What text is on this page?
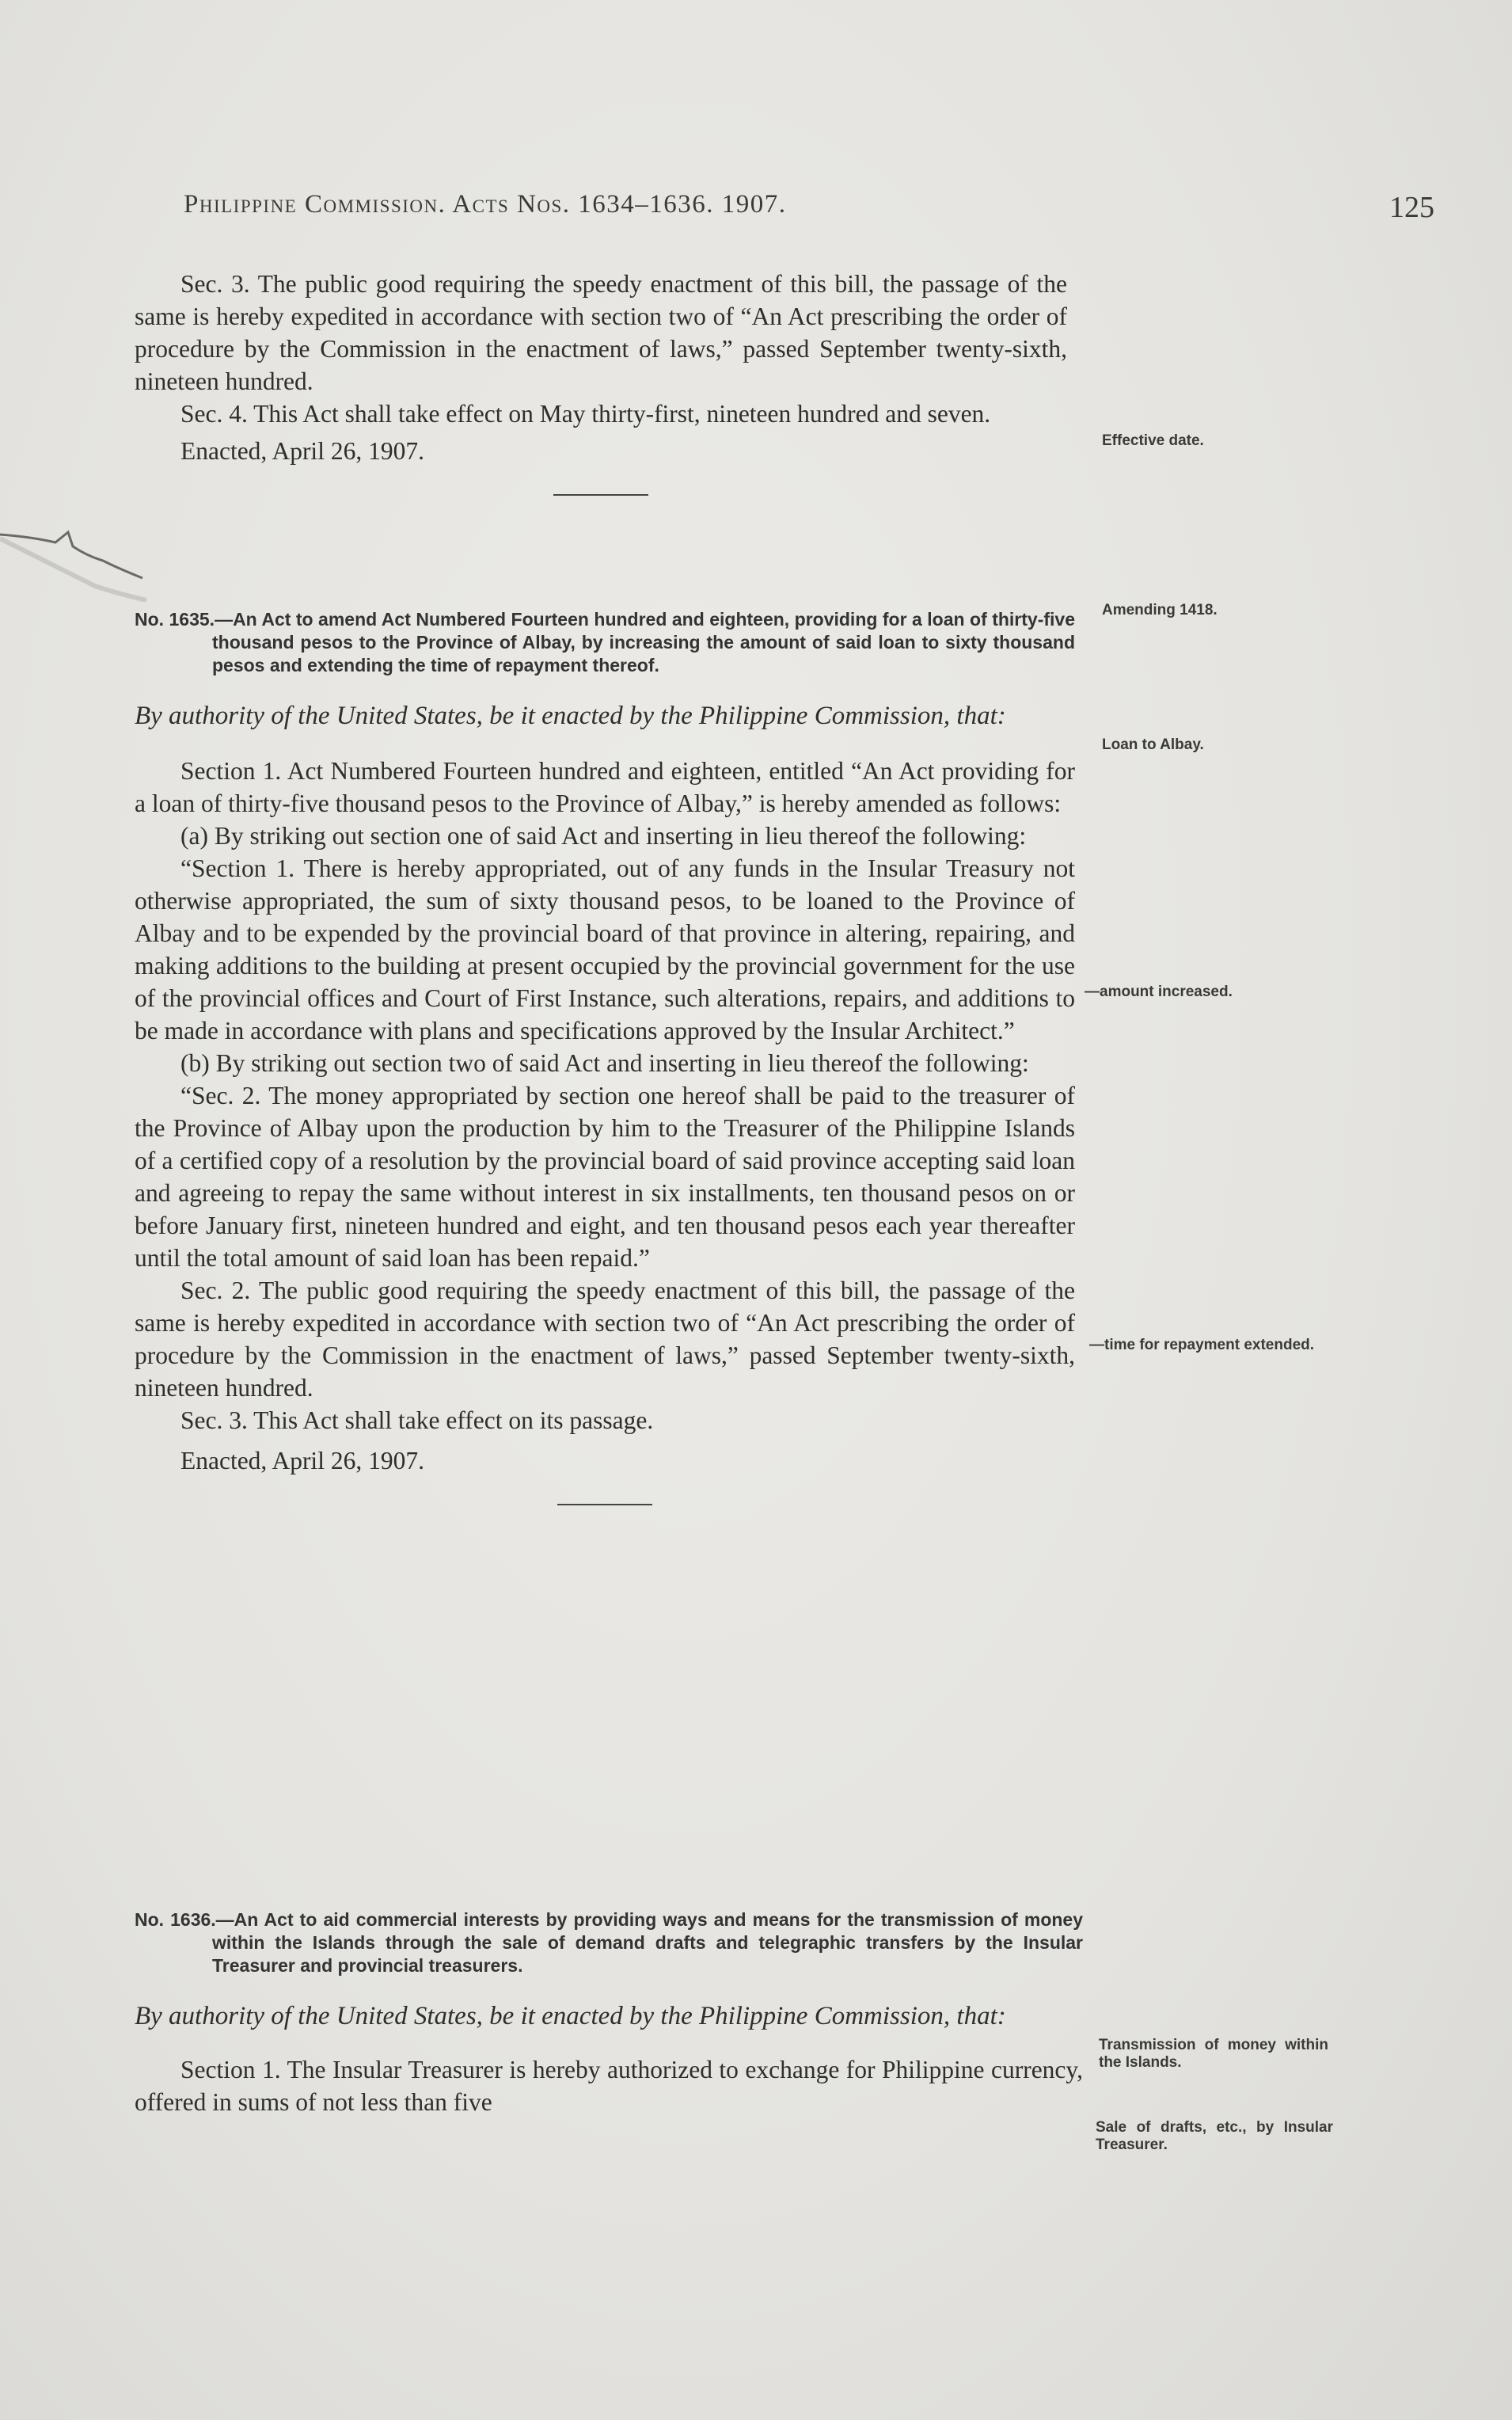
Philippine Commission. Acts Nos. 1634–1636. 1907.	125

Sec. 3. The public good requiring the speedy enactment of this bill, the passage of the same is hereby expedited in accordance with section two of “An Act prescribing the order of procedure by the Commission in the enactment of laws,” passed September twenty-sixth, nineteen hundred.

Sec. 4. This Act shall take effect on May thirty-first, nineteen hundred and seven.

Enacted, April 26, 1907.

No. 1635.—An Act to amend Act Numbered Fourteen hundred and eighteen, providing for a loan of thirty-five thousand pesos to the Province of Albay, by increasing the amount of said loan to sixty thousand pesos and extending the time of repayment thereof.

By authority of the United States, be it enacted by the Philippine Commission, that:

Section 1. Act Numbered Fourteen hundred and eighteen, entitled “An Act providing for a loan of thirty-five thousand pesos to the Province of Albay,” is hereby amended as follows:

(a) By striking out section one of said Act and inserting in lieu thereof the following:

“Section 1. There is hereby appropriated, out of any funds in the Insular Treasury not otherwise appropriated, the sum of sixty thousand pesos, to be loaned to the Province of Albay and to be expended by the provincial board of that province in altering, repairing, and making additions to the building at present occupied by the provincial government for the use of the provincial offices and Court of First Instance, such alterations, repairs, and additions to be made in accordance with plans and specifications approved by the Insular Architect.”

(b) By striking out section two of said Act and inserting in lieu thereof the following:

“Sec. 2. The money appropriated by section one hereof shall be paid to the treasurer of the Province of Albay upon the production by him to the Treasurer of the Philippine Islands of a certified copy of a resolution by the provincial board of said province accepting said loan and agreeing to repay the same without interest in six installments, ten thousand pesos on or before January first, nineteen hundred and eight, and ten thousand pesos each year thereafter until the total amount of said loan has been repaid.”

Sec. 2. The public good requiring the speedy enactment of this bill, the passage of the same is hereby expedited in accordance with section two of “An Act prescribing the order of procedure by the Commission in the enactment of laws,” passed September twenty-sixth, nineteen hundred.

Sec. 3. This Act shall take effect on its passage.

Enacted, April 26, 1907.

No. 1636.—An Act to aid commercial interests by providing ways and means for the transmission of money within the Islands through the sale of demand drafts and telegraphic transfers by the Insular Treasurer and provincial treasurers.

By authority of the United States, be it enacted by the Philippine Commission, that:

Section 1. The Insular Treasurer is hereby authorized to exchange for Philippine currency, offered in sums of not less than five

Effective date.
Amending 1418.
Loan to Albay.
—amount increased.
—time for repayment extended.
Transmission of money within the Islands.
Sale of drafts, etc., by Insular Treasurer.
